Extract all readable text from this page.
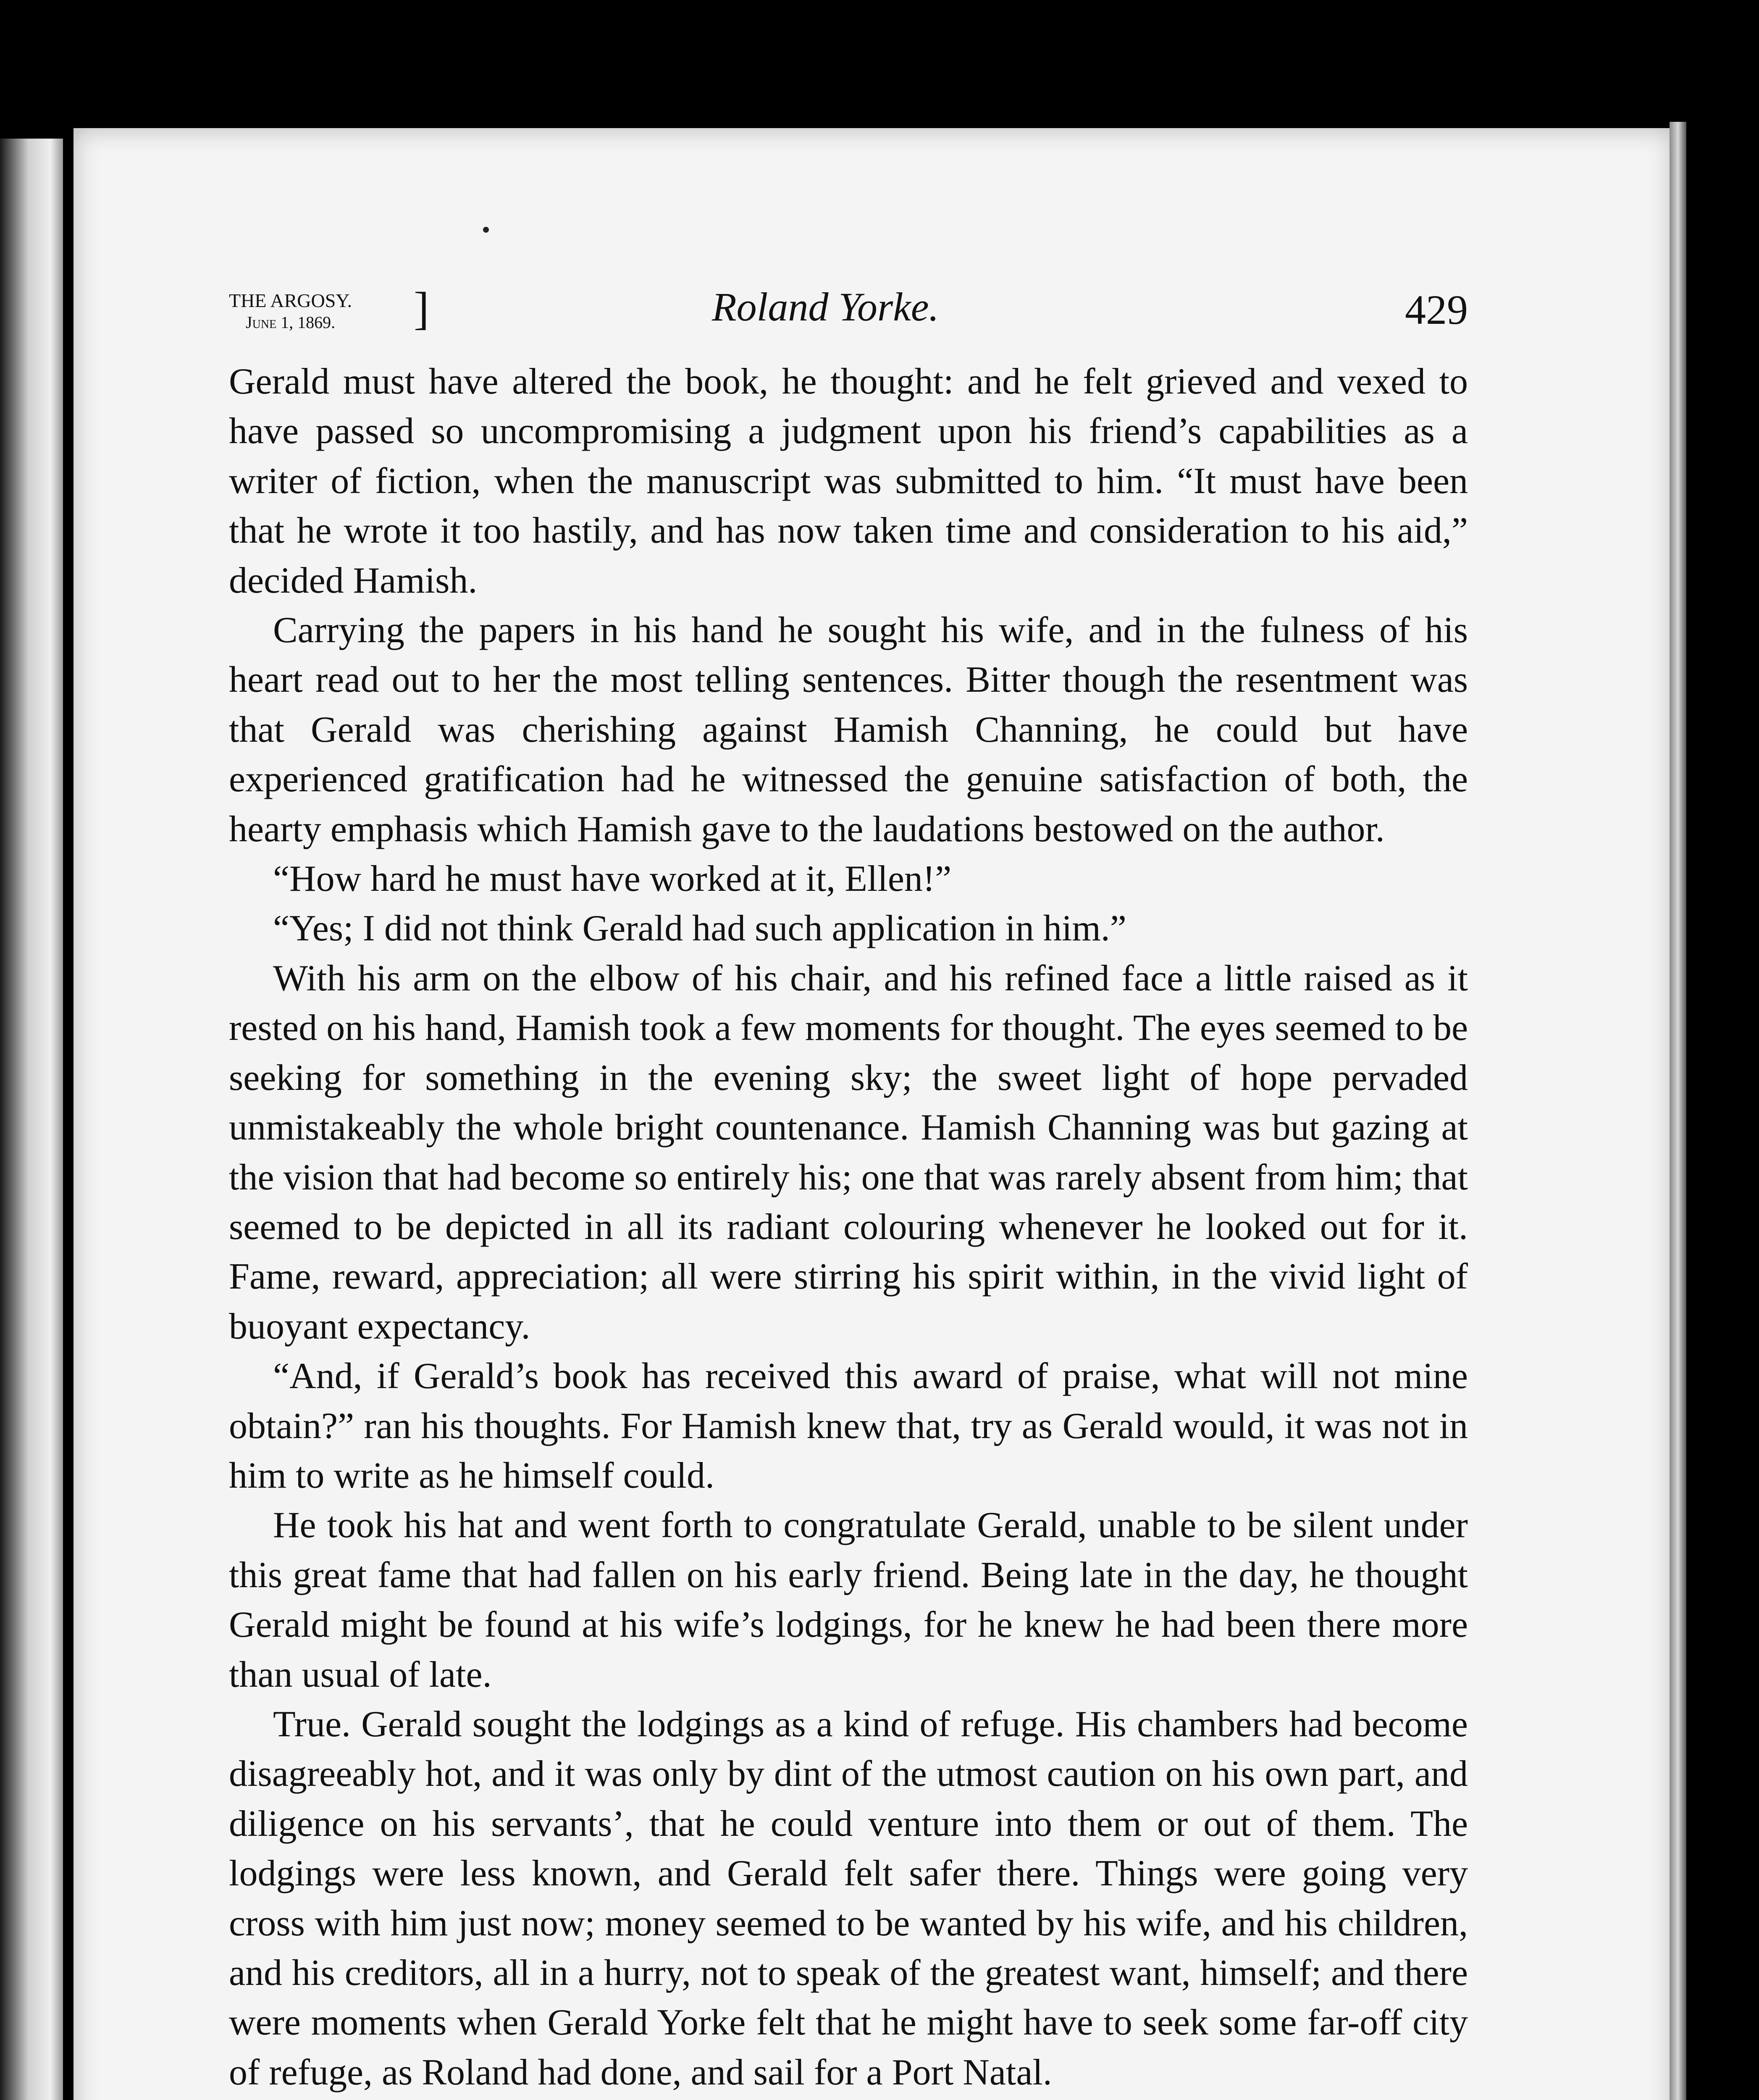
THE ARGOSY.
June 1, 1869.	]	Roland Yorke.	429

Gerald must have altered the book, he thought: and he felt grieved and vexed to have passed so uncompromising a judgment upon his friend’s capabilities as a writer of fiction, when the manuscript was submitted to him. “It must have been that he wrote it too hastily, and has now taken time and consideration to his aid,” decided Hamish.

Carrying the papers in his hand he sought his wife, and in the fulness of his heart read out to her the most telling sentences. Bitter though the resentment was that Gerald was cherishing against Hamish Channing, he could but have experienced gratification had he witnessed the genuine satisfaction of both, the hearty emphasis which Hamish gave to the laudations bestowed on the author.

“How hard he must have worked at it, Ellen!”

“Yes; I did not think Gerald had such application in him.”

With his arm on the elbow of his chair, and his refined face a little raised as it rested on his hand, Hamish took a few moments for thought. The eyes seemed to be seeking for something in the evening sky; the sweet light of hope pervaded unmistakeably the whole bright countenance. Hamish Channing was but gazing at the vision that had become so entirely his; one that was rarely absent from him; that seemed to be depicted in all its radiant colouring whenever he looked out for it. Fame, reward, appreciation; all were stirring his spirit within, in the vivid light of buoyant expectancy.

“And, if Gerald’s book has received this award of praise, what will not mine obtain?” ran his thoughts. For Hamish knew that, try as Gerald would, it was not in him to write as he himself could.

He took his hat and went forth to congratulate Gerald, unable to be silent under this great fame that had fallen on his early friend. Being late in the day, he thought Gerald might be found at his wife’s lodgings, for he knew he had been there more than usual of late.

True. Gerald sought the lodgings as a kind of refuge. His chambers had become disagreeably hot, and it was only by dint of the utmost caution on his own part, and diligence on his servants’, that he could venture into them or out of them. The lodgings were less known, and Gerald felt safer there. Things were going very cross with him just now; money seemed to be wanted by his wife, and his children, and his creditors, all in a hurry, not to speak of the greatest want, himself; and there were moments when Gerald Yorke felt that he might have to seek some far-off city of refuge, as Roland had done, and sail for a Port Natal.
